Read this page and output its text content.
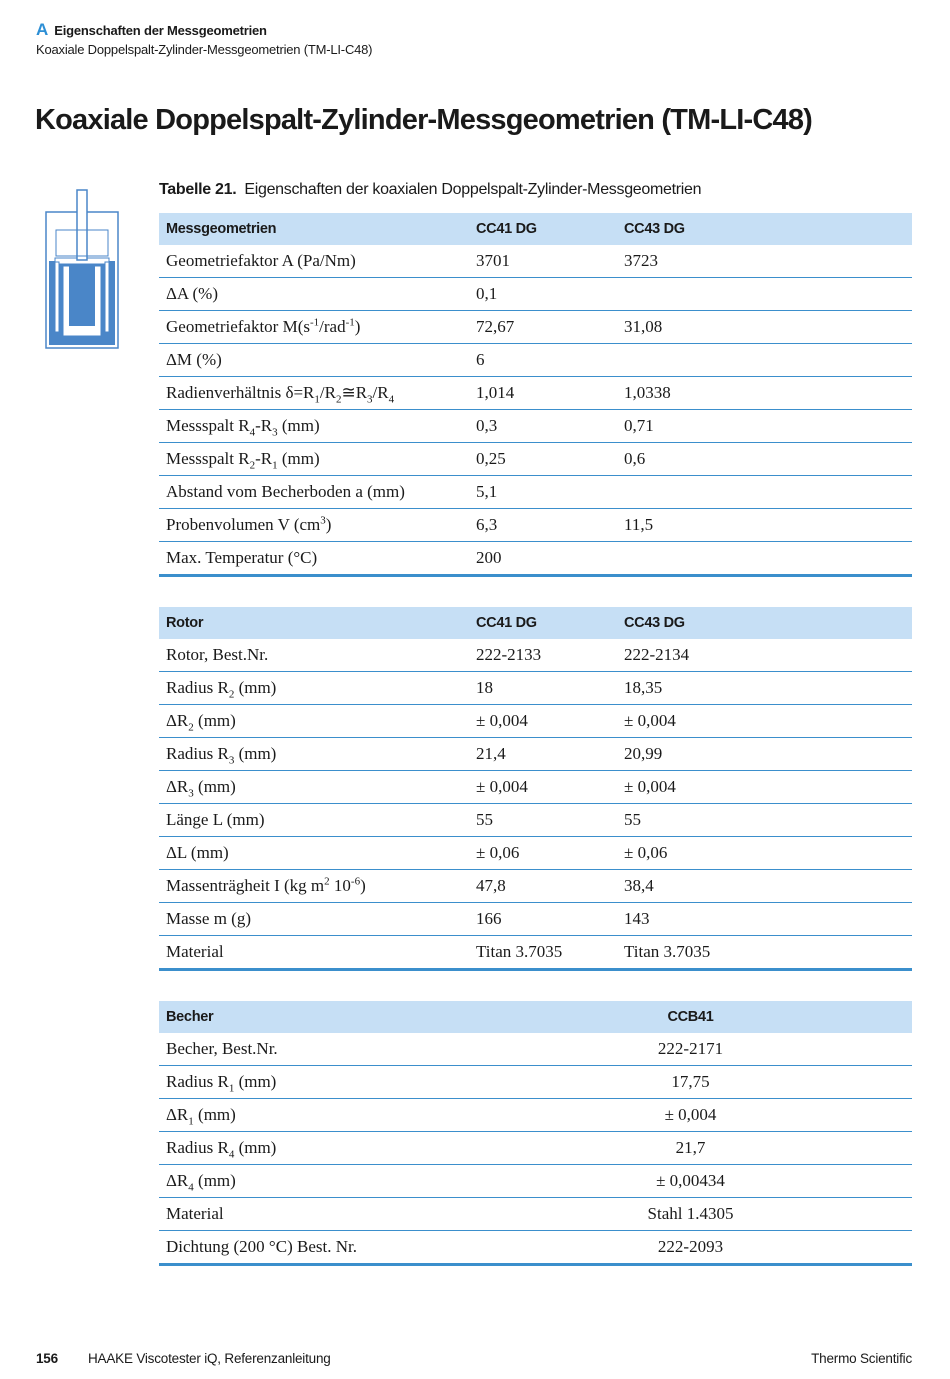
A Eigenschaften der Messgeometrien
Koaxiale Doppelspalt-Zylinder-Messgeometrien (TM-LI-C48)
Koaxiale Doppelspalt-Zylinder-Messgeometrien (TM-LI-C48)
Tabelle 21. Eigenschaften der koaxialen Doppelspalt-Zylinder-Messgeometrien
Messgeometrien	CC41 DG	CC43 DG
Geometriefaktor A (Pa/Nm)	3701	3723
ΔA (%)	0,1	
Geometriefaktor $M(s^{-1}/rad^{-1})$	72,67	31,08
ΔM (%)	6	
Radienverhältnis $\delta=R_1/R_2≅R_3/R_4$	1,014	1,0338
Messspalt $R_4-R_3$ (mm)	0,3	0,71
Messspalt $R_2-R_1$ (mm)	0,25	0,6
Abstand vom Becherboden a (mm)	5,1	
Probenvolumen V $(cm^3)$	6,3	11,5
Max. Temperatur (°C)	200	
Rotor	CC41 DG	CC43 DG
Rotor, Best.Nr.	222-2133	222-2134
Radius $R_2$ (mm)	18	18,35
$\Delta R_2$ (mm)	± 0,004	± 0,004
Radius $R_3$ (mm)	21,4	20,99
$\Delta R_3$ (mm)	± 0,004	± 0,004
Länge L (mm)	55	55
ΔL (mm)	± 0,06	± 0,06
Massenträgheit I (kg $m^2$ $10^{-6}$)	47,8	38,4
Masse m (g)	166	143
Material	Titan 3.7035	Titan 3.7035
Becher	CCB41
Becher, Best.Nr.	222-2171
Radius $R_1$ (mm)	17,75
$\Delta R_1$ (mm)	± 0,004
Radius $R_4$ (mm)	21,7
$\Delta R_4$ (mm)	± 0,00434
Material	Stahl 1.4305
Dichtung (200 °C) Best. Nr.	222-2093
156	HAAKE Viscotester iQ, Referenzanleitung	Thermo Scientific
